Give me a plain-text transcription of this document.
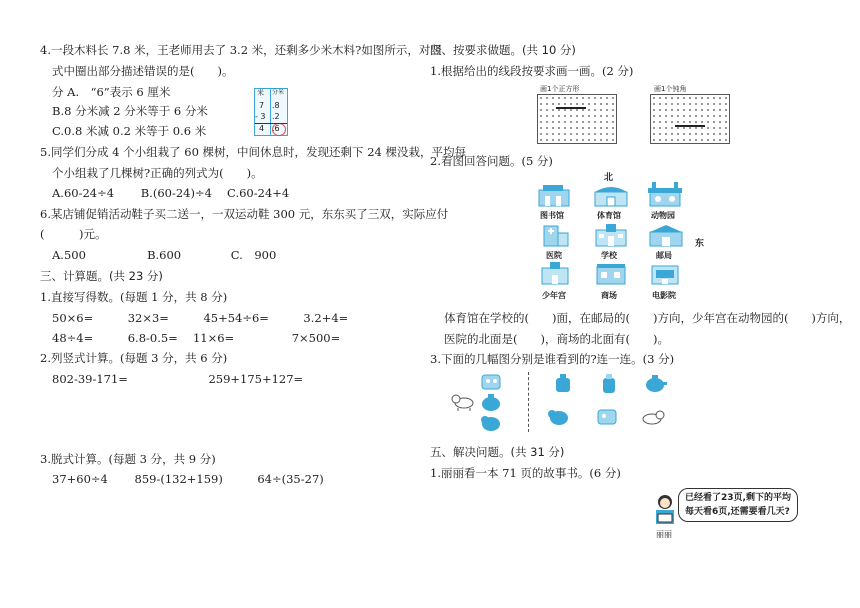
4.一段木料长 7.8 米，王老师用去了 3.2 米，还剩多少米木料?如图所示，对竖
式中圈出部分描述错误的是(　　)。
分 A.　“6”表示 6 厘米
B.8 分米减 2 分米等于 6 分米
C.0.8 米减 0.2 米等于 0.6 米
米 分米
7 .8
- 3 .2
4 .6
5.同学们分成 4 个小组栽了 60 棵树，中间休息时，发现还剩下 24 棵没栽，平均每
个小组栽了几棵树?正确的列式为(　　)。
A.60-24÷4　　 B.(60-24)÷4　 C.60-24+4
6.某店铺促销活动鞋子买二送一，一双运动鞋 300 元，东东买了三双，实际应付
(　　　)元。
A.500　　　　　 B.600　　　　 C.　900
三、计算题。(共 23 分)
1.直接写得数。(每题 1 分，共 8 分)
50×6=　　　32×3=　　　45+54÷6=　　　3.2+4=
48÷4=　　　6.8-0.5=　 11×6=　　　　　7×500=
2.列竖式计算。(每题 3 分，共 6 分)
802-39-171=　　　　　　　259+175+127=
3.脱式计算。(每题 3 分，共 9 分)
37+60÷4　　 859-(132+159)　　　64÷(35-27)
四、按要求做题。(共 10 分)
1.根据给出的线段按要求画一画。(2 分)
画1个正方形	画1个钝角
2.看图回答问题。(5 分)
北
东
图书馆	体育馆	动物园
医院	学校	邮局
少年宫	商场	电影院
体育馆在学校的(　　)面，在邮局的(　　)方向，少年宫在动物园的(　　)方向，
医院的北面是(　　)，商场的北面有(　　)。
3.下面的几幅图分别是谁看到的?连一连。(3 分)
五、解决问题。(共 31 分)
1.丽丽看一本 71 页的故事书。(6 分)
丽丽
已经看了23页,剩下的平均
每天看6页,还需要看几天?
